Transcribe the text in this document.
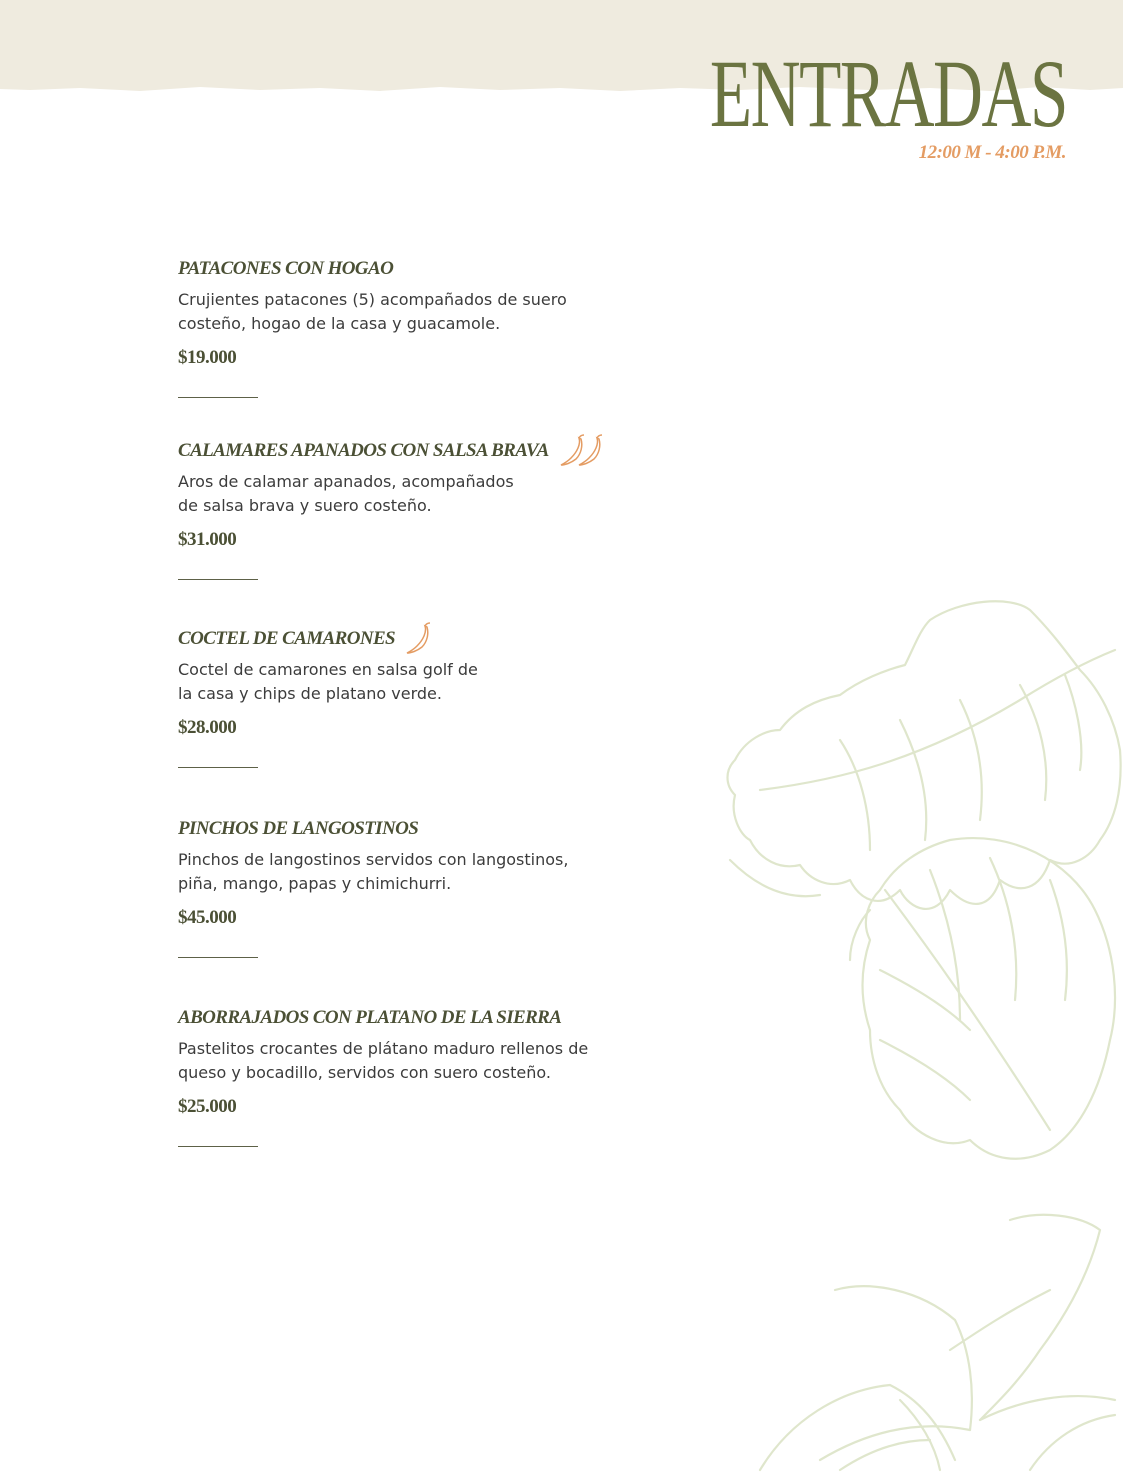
ENTRADAS
12:00 M - 4:00 P.M.
PATACONES CON HOGAO
Crujientes patacones (5) acompañados de suero
costeño, hogao de la casa y guacamole.
$19.000
CALAMARES APANADOS CON SALSA BRAVA
Aros de calamar apanados, acompañados
de salsa brava y suero costeño.
$31.000
COCTEL DE CAMARONES
Coctel de camarones en salsa golf de
la casa y chips de platano verde.
$28.000
PINCHOS DE LANGOSTINOS
Pinchos de langostinos servidos con langostinos,
piña, mango, papas y chimichurri.
$45.000
ABORRAJADOS CON PLATANO DE LA SIERRA
Pastelitos crocantes de plátano maduro rellenos de
queso y bocadillo, servidos con suero costeño.
$25.000
